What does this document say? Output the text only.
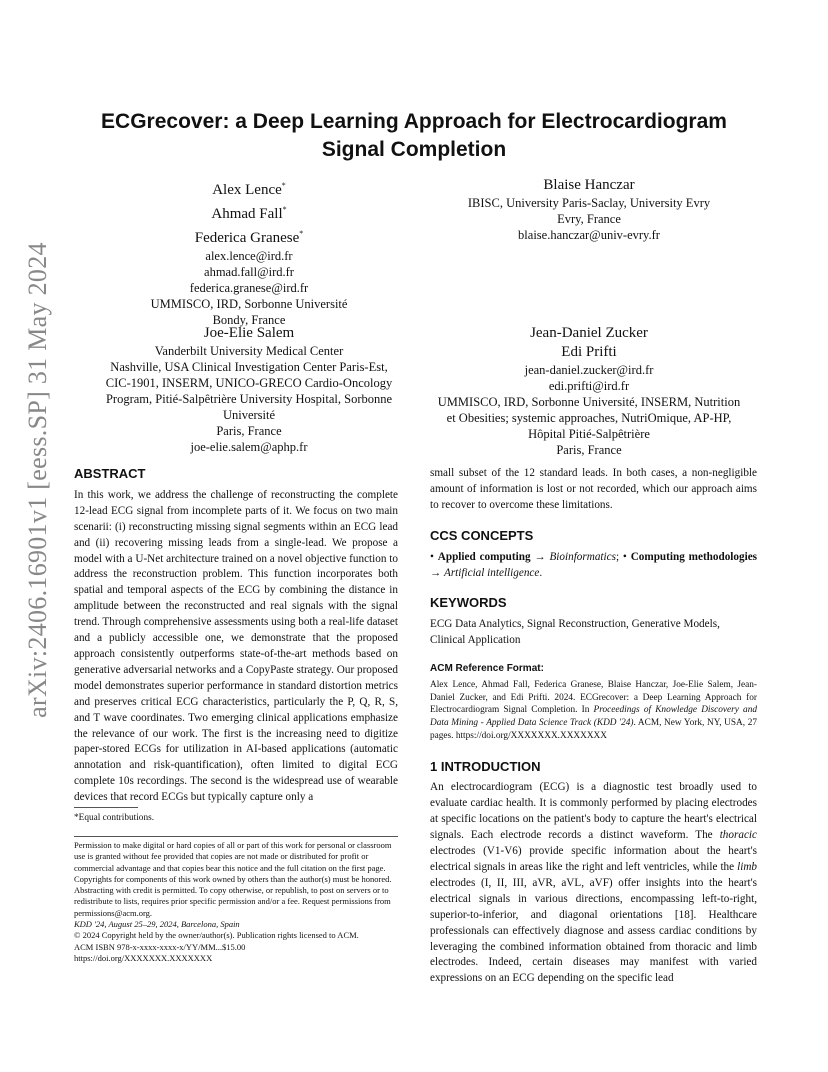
arXiv:2406.16901v1 [eess.SP] 31 May 2024
ECGrecover: a Deep Learning Approach for Electrocardiogram
Signal Completion
Alex Lence*
Ahmad Fall*
Federica Granese*
alex.lence@ird.fr
ahmad.fall@ird.fr
federica.granese@ird.fr
UMMISCO, IRD, Sorbonne Université
Bondy, France
Blaise Hanczar
IBISC, University Paris-Saclay, University Evry
Evry, France
blaise.hanczar@univ-evry.fr
Joe-Elie Salem
Vanderbilt University Medical Center
Nashville, USA Clinical Investigation Center Paris-Est,
CIC-1901, INSERM, UNICO-GRECO Cardio-Oncology
Program, Pitié-Salpêtrière University Hospital, Sorbonne
Université
Paris, France
joe-elie.salem@aphp.fr
Jean-Daniel Zucker
Edi Prifti
jean-daniel.zucker@ird.fr
edi.prifti@ird.fr
UMMISCO, IRD, Sorbonne Université, INSERM, Nutrition
et Obesities; systemic approaches, NutriOmique, AP-HP,
Hôpital Pitié-Salpêtrière
Paris, France
ABSTRACT

In this work, we address the challenge of reconstructing the complete 12-lead ECG signal from incomplete parts of it. We focus on two main scenarii: (i) reconstructing missing signal segments within an ECG lead and (ii) recovering missing leads from a single-lead. We propose a model with a U-Net architecture trained on a novel objective function to address the reconstruction problem. This function incorporates both spatial and temporal aspects of the ECG by combining the distance in amplitude between the reconstructed and real signals with the signal trend. Through comprehensive assessments using both a real-life dataset and a publicly accessible one, we demonstrate that the proposed approach consistently outperforms state-of-the-art methods based on generative adversarial networks and a CopyPaste strategy. Our proposed model demonstrates superior performance in standard distortion metrics and preserves critical ECG characteristics, particularly the P, Q, R, S, and T wave coordinates. Two emerging clinical applications emphasize the relevance of our work. The first is the increasing need to digitize paper-stored ECGs for utilization in AI-based applications (automatic annotation and risk-quantification), often limited to digital ECG complete 10s recordings. The second is the widespread use of wearable devices that record ECGs but typically capture only a

*Equal contributions.

Permission to make digital or hard copies of all or part of this work for personal or classroom use is granted without fee provided that copies are not made or distributed for profit or commercial advantage and that copies bear this notice and the full citation on the first page. Copyrights for components of this work owned by others than the author(s) must be honored. Abstracting with credit is permitted. To copy otherwise, or republish, to post on servers or to redistribute to lists, requires prior specific permission and/or a fee. Request permissions from permissions@acm.org.

KDD '24, August 25–29, 2024, Barcelona, Spain

© 2024 Copyright held by the owner/author(s). Publication rights licensed to ACM.

ACM ISBN 978-x-xxxx-xxxx-x/YY/MM...$15.00

https://doi.org/XXXXXXX.XXXXXXX

small subset of the 12 standard leads. In both cases, a non-negligible amount of information is lost or not recorded, which our approach aims to recover to overcome these limitations.

CCS CONCEPTS

• Applied computing → Bioinformatics; • Computing methodologies → Artificial intelligence.

KEYWORDS

ECG Data Analytics, Signal Reconstruction, Generative Models, Clinical Application

ACM Reference Format:

Alex Lence, Ahmad Fall, Federica Granese, Blaise Hanczar, Joe-Elie Salem, Jean-Daniel Zucker, and Edi Prifti. 2024. ECGrecover: a Deep Learning Approach for Electrocardiogram Signal Completion. In Proceedings of Knowledge Discovery and Data Mining - Applied Data Science Track (KDD '24). ACM, New York, NY, USA, 27 pages. https://doi.org/XXXXXXX.XXXXXXX

1 INTRODUCTION

An electrocardiogram (ECG) is a diagnostic test broadly used to evaluate cardiac health. It is commonly performed by placing electrodes at specific locations on the patient's body to capture the heart's electrical signals. Each electrode records a distinct waveform. The thoracic electrodes (V1-V6) provide specific information about the heart's electrical signals in areas like the right and left ventricles, while the limb electrodes (I, II, III, aVR, aVL, aVF) offer insights into the heart's electrical signals in various directions, encompassing left-to-right, superior-to-inferior, and diagonal orientations [18]. Healthcare professionals can effectively diagnose and assess cardiac conditions by leveraging the combined information obtained from thoracic and limb electrodes. Indeed, certain diseases may manifest with varied expressions on an ECG depending on the specific lead
